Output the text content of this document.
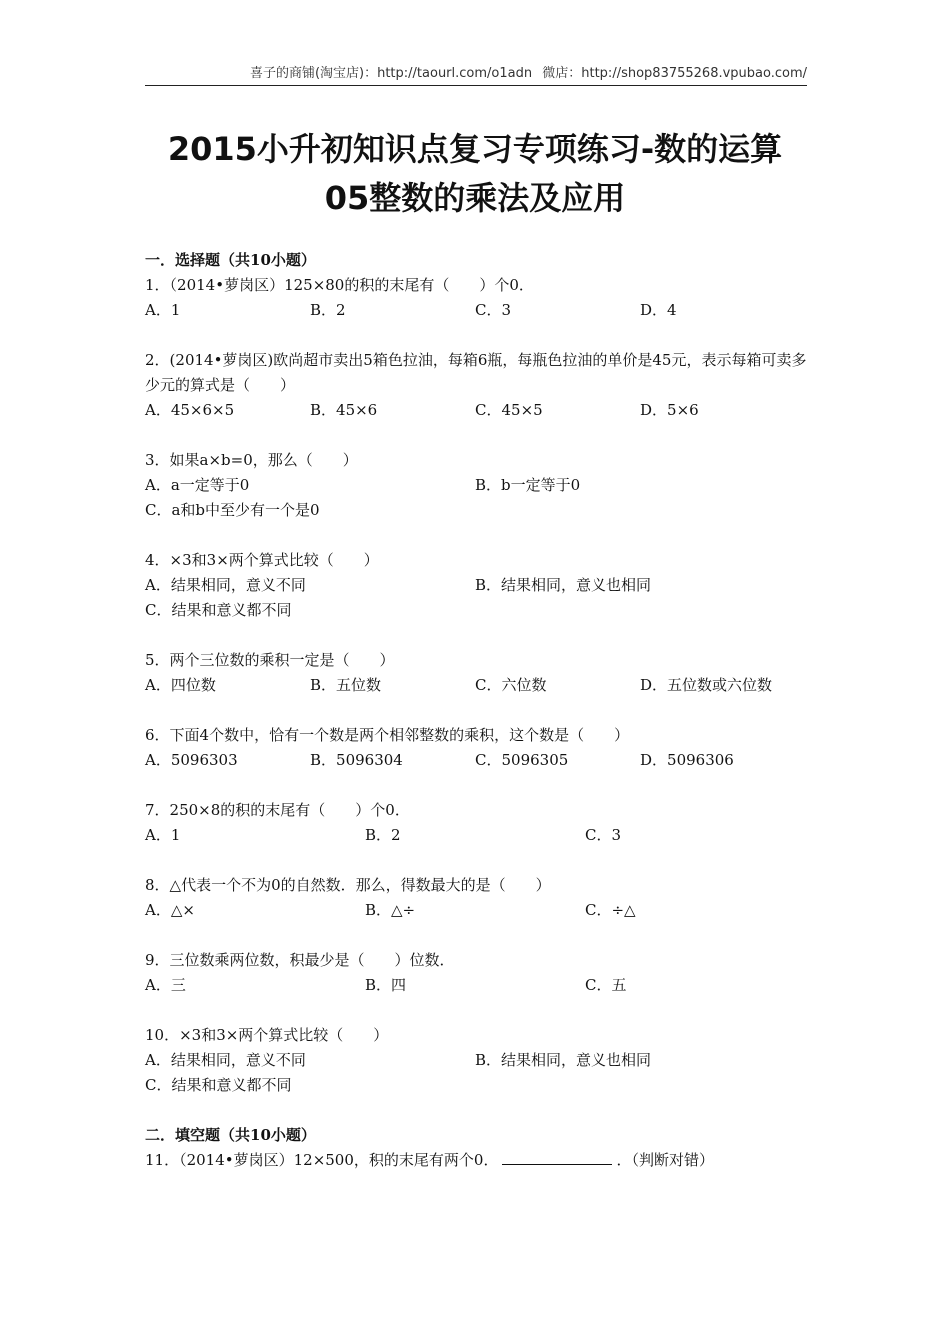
喜子的商铺(淘宝店)：http://taourl.com/o1adn 微店：http://shop83755268.vpubao.com/
2015小升初知识点复习专项练习-数的运算
05整数的乘法及应用

一．选择题（共10小题）

1．（2014•萝岗区）125×80的积的末尾有（　　）个0．
A．1	B．2	C．3	D．4
2．(2014•萝岗区)欧尚超市卖出5箱色拉油，每箱6瓶，每瓶色拉油的单价是45元，表示每箱可卖多少元的算式是（　　）
A．45×6×5	B．45×6	C．45×5	D．5×6
3．如果a×b=0，那么（　　）
A．a一定等于0	B．b一定等于0
C．a和b中至少有一个是0
4．×3和3×两个算式比较（　　）
A．结果相同，意义不同	B．结果相同，意义也相同
C．结果和意义都不同
5．两个三位数的乘积一定是（　　）
A．四位数	B．五位数	C．六位数	D．五位数或六位数
6．下面4个数中，恰有一个数是两个相邻整数的乘积，这个数是（　　）
A．5096303	B．5096304	C．5096305	D．5096306
7．250×8的积的末尾有（　　）个0．
A．1	B．2	C．3
8．△代表一个不为0的自然数．那么，得数最大的是（　　）
A．△×	B．△÷	C．÷△
9．三位数乘两位数，积最少是（　　）位数．
A．三	B．四	C．五
10．×3和3×两个算式比较（　　）
A．结果相同，意义不同	B．结果相同，意义也相同
C．结果和意义都不同

二．填空题（共10小题）

11．（2014•萝岗区）12×500，积的末尾有两个0．	．（判断对错）
